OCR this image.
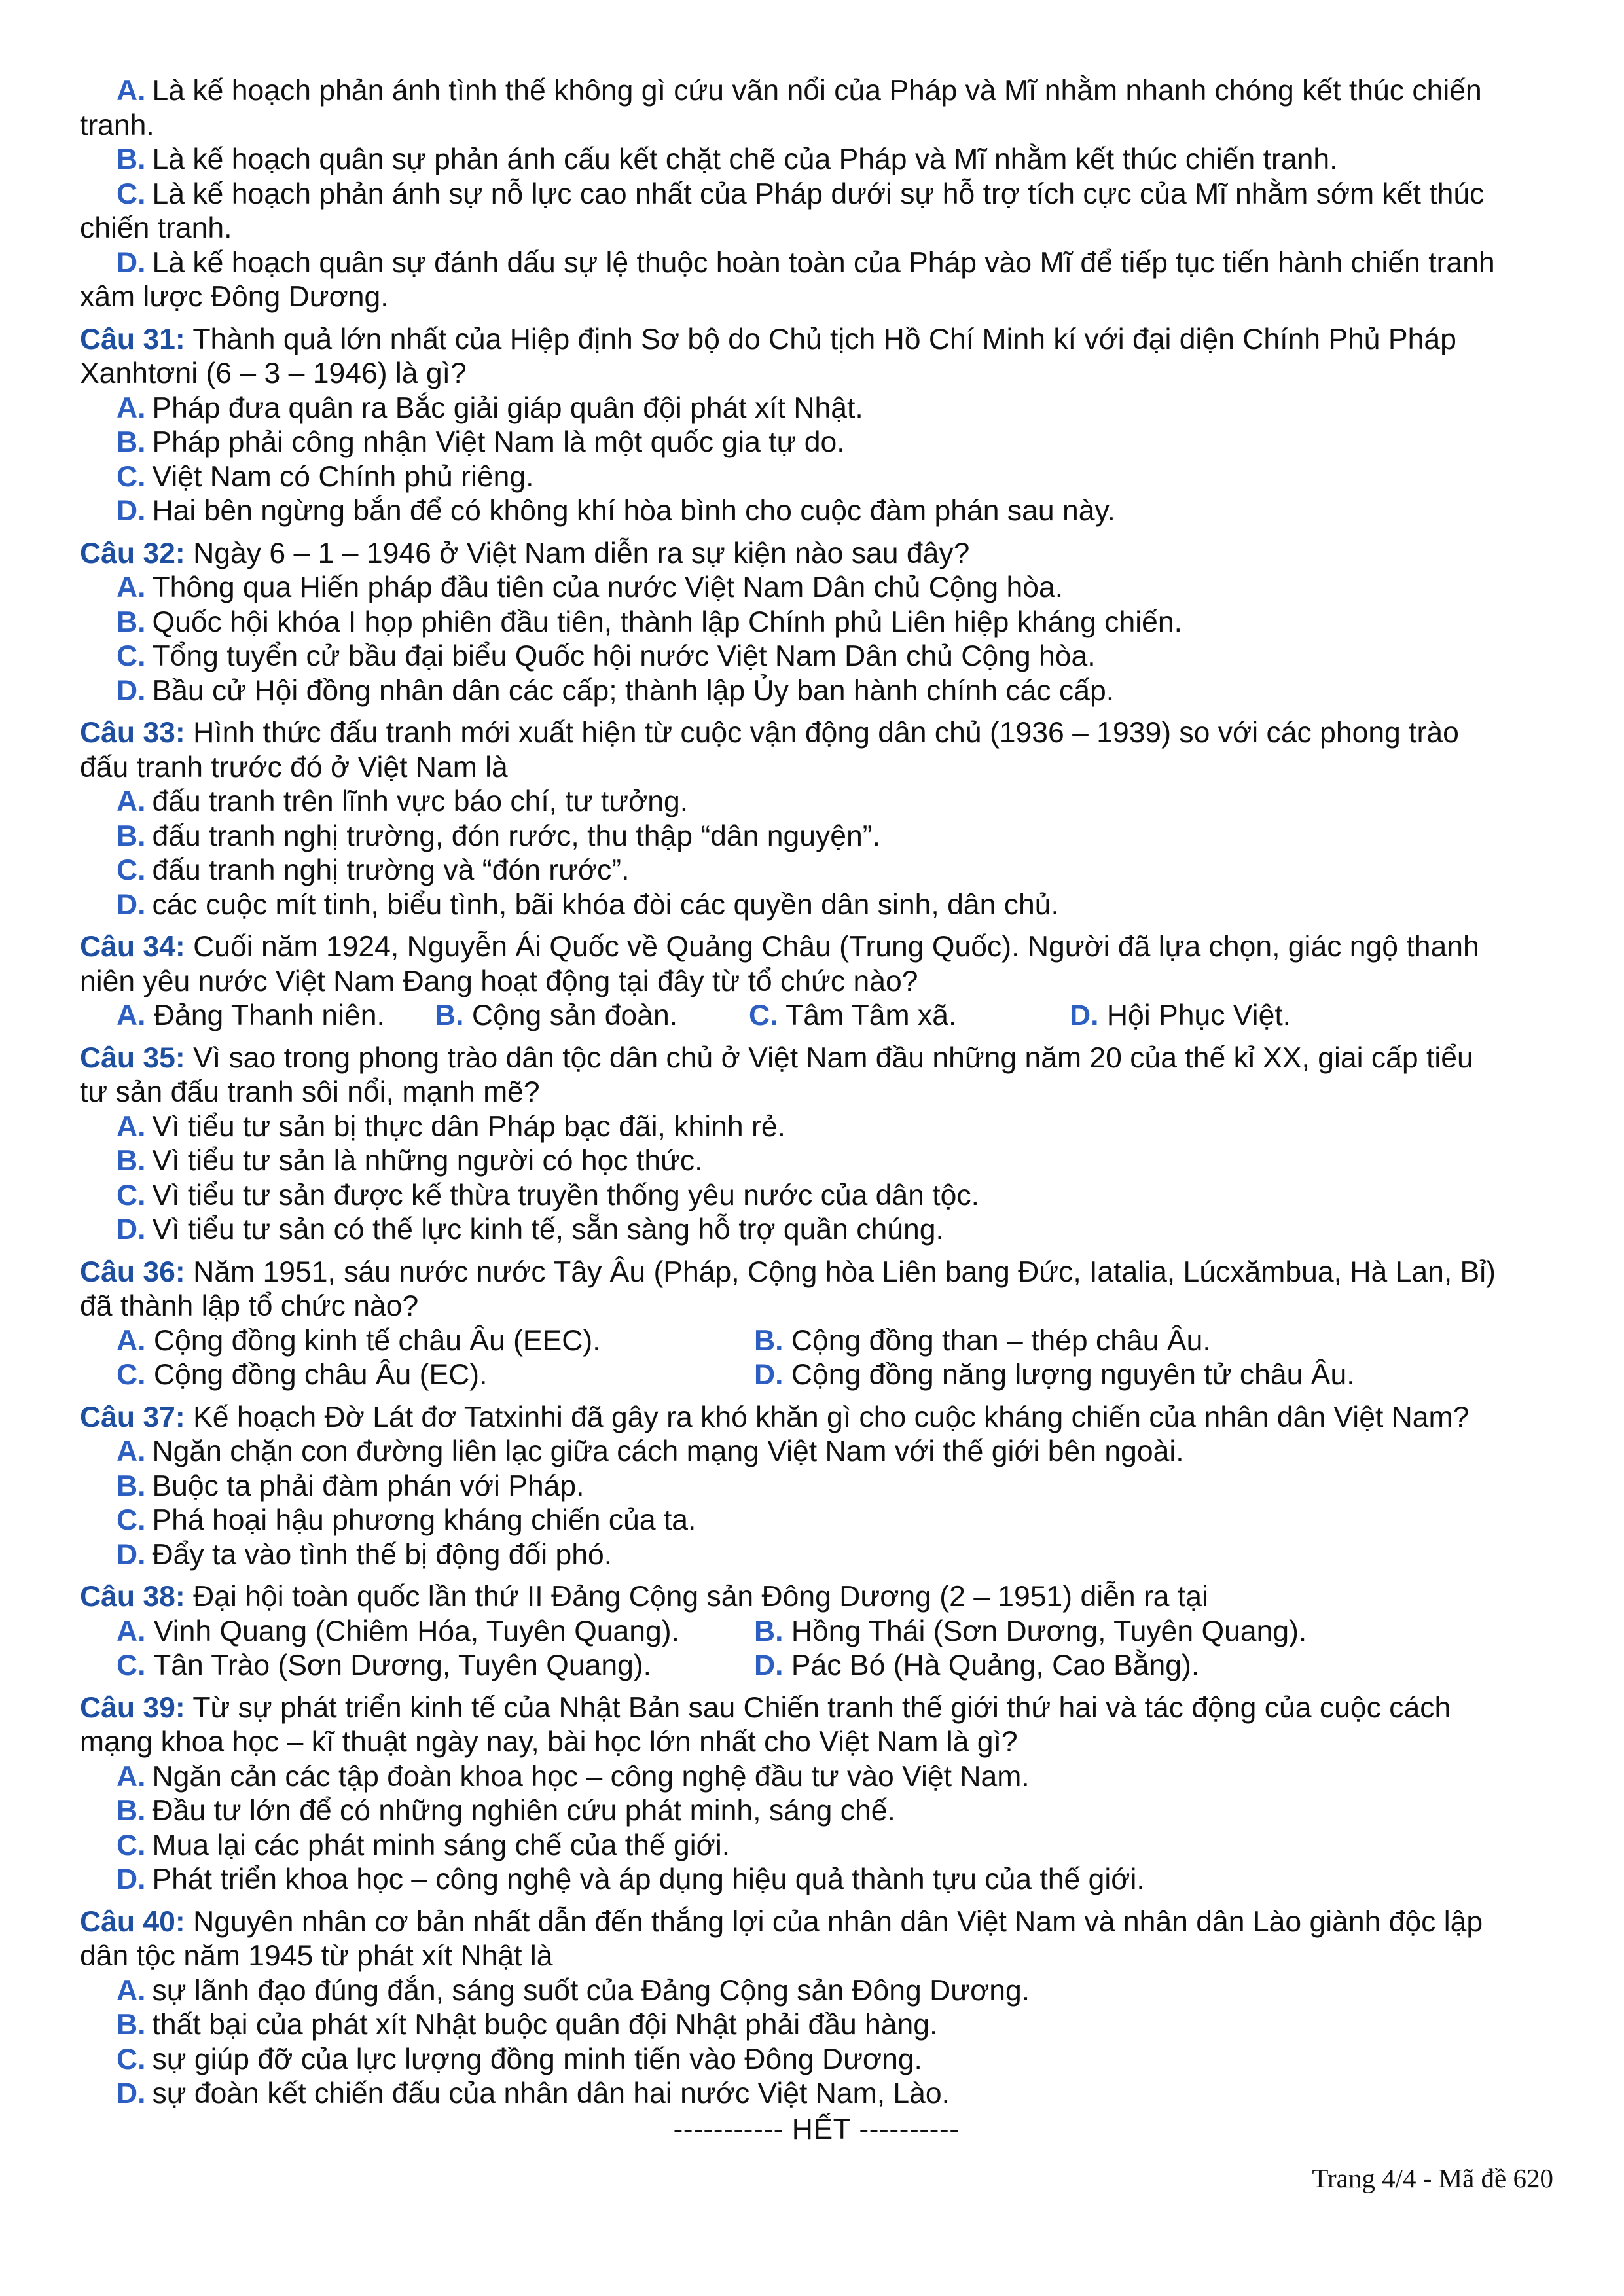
A. Là kế hoạch phản ánh tình thế không gì cứu vãn nổi của Pháp và Mĩ nhằm nhanh chóng kết thúc chiến
tranh.
B. Là kế hoạch quân sự phản ánh cấu kết chặt chẽ của Pháp và Mĩ nhằm kết thúc chiến tranh.
C. Là kế hoạch phản ánh sự nỗ lực cao nhất của Pháp dưới sự hỗ trợ tích cực của Mĩ nhằm sớm kết thúc
chiến tranh.
D. Là kế hoạch quân sự đánh dấu sự lệ thuộc hoàn toàn của Pháp vào Mĩ để tiếp tục tiến hành chiến tranh
xâm lược Đông Dương.
Câu 31: Thành quả lớn nhất của Hiệp định Sơ bộ do Chủ tịch Hồ Chí Minh kí với đại diện Chính Phủ Pháp
Xanhtơni (6 – 3 – 1946) là gì?
A. Pháp đưa quân ra Bắc giải giáp quân đội phát xít Nhật.
B. Pháp phải công nhận Việt Nam là một quốc gia tự do.
C. Việt Nam có Chính phủ riêng.
D. Hai bên ngừng bắn để có không khí hòa bình cho cuộc đàm phán sau này.
Câu 32: Ngày 6 – 1 – 1946 ở Việt Nam diễn ra sự kiện nào sau đây?
A. Thông qua Hiến pháp đầu tiên của nước Việt Nam Dân chủ Cộng hòa.
B. Quốc hội khóa I họp phiên đầu tiên, thành lập Chính phủ Liên hiệp kháng chiến.
C. Tổng tuyển cử bầu đại biểu Quốc hội nước Việt Nam Dân chủ Cộng hòa.
D. Bầu cử Hội đồng nhân dân các cấp; thành lập Ủy ban hành chính các cấp.
Câu 33: Hình thức đấu tranh mới xuất hiện từ cuộc vận động dân chủ (1936 – 1939) so với các phong trào
đấu tranh trước đó ở Việt Nam là
A. đấu tranh trên lĩnh vực báo chí, tư tưởng.
B. đấu tranh nghị trường, đón rước, thu thập “dân nguyện”.
C. đấu tranh nghị trường và “đón rước”.
D. các cuộc mít tinh, biểu tình, bãi khóa đòi các quyền dân sinh, dân chủ.
Câu 34: Cuối năm 1924, Nguyễn Ái Quốc về Quảng Châu (Trung Quốc). Người đã lựa chọn, giác ngộ thanh
niên yêu nước Việt Nam Đang hoạt động tại đây từ tổ chức nào?
A. Đảng Thanh niên.	B. Cộng sản đoàn.	C. Tâm Tâm xã.	D. Hội Phục Việt.
Câu 35: Vì sao trong phong trào dân tộc dân chủ ở Việt Nam đầu những năm 20 của thế kỉ XX, giai cấp tiểu
tư sản đấu tranh sôi nổi, mạnh mẽ?
A. Vì tiểu tư sản bị thực dân Pháp bạc đãi, khinh rẻ.
B. Vì tiểu tư sản là những người có học thức.
C. Vì tiểu tư sản được kế thừa truyền thống yêu nước của dân tộc.
D. Vì tiểu tư sản có thế lực kinh tế, sẵn sàng hỗ trợ quần chúng.
Câu 36: Năm 1951, sáu nước nước Tây Âu (Pháp, Cộng hòa Liên bang Đức, Iatalia, Lúcxămbua, Hà Lan, Bỉ)
đã thành lập tổ chức nào?
A. Cộng đồng kinh tế châu Âu (EEC).	B. Cộng đồng than – thép châu Âu.
C. Cộng đồng châu Âu (EC).	D. Cộng đồng năng lượng nguyên tử châu Âu.
Câu 37: Kế hoạch Đờ Lát đơ Tatxinhi đã gây ra khó khăn gì cho cuộc kháng chiến của nhân dân Việt Nam?
A. Ngăn chặn con đường liên lạc giữa cách mạng Việt Nam với thế giới bên ngoài.
B. Buộc ta phải đàm phán với Pháp.
C. Phá hoại hậu phương kháng chiến của ta.
D. Đẩy ta vào tình thế bị động đối phó.
Câu 38: Đại hội toàn quốc lần thứ II Đảng Cộng sản Đông Dương (2 – 1951) diễn ra tại
A. Vinh Quang (Chiêm Hóa, Tuyên Quang).	B. Hồng Thái (Sơn Dương, Tuyên Quang).
C. Tân Trào (Sơn Dương, Tuyên Quang).	D. Pác Bó (Hà Quảng, Cao Bằng).
Câu 39: Từ sự phát triển kinh tế của Nhật Bản sau Chiến tranh thế giới thứ hai và tác động của cuộc cách
mạng khoa học – kĩ thuật ngày nay, bài học lớn nhất cho Việt Nam là gì?
A. Ngăn cản các tập đoàn khoa học – công nghệ đầu tư vào Việt Nam.
B. Đầu tư lớn để có những nghiên cứu phát minh, sáng chế.
C. Mua lại các phát minh sáng chế của thế giới.
D. Phát triển khoa học – công nghệ và áp dụng hiệu quả thành tựu của thế giới.
Câu 40: Nguyên nhân cơ bản nhất dẫn đến thắng lợi của nhân dân Việt Nam và nhân dân Lào giành độc lập
dân tộc năm 1945 từ phát xít Nhật là
A. sự lãnh đạo đúng đắn, sáng suốt của Đảng Cộng sản Đông Dương.
B. thất bại của phát xít Nhật buộc quân đội Nhật phải đầu hàng.
C. sự giúp đỡ của lực lượng đồng minh tiến vào Đông Dương.
D. sự đoàn kết chiến đấu của nhân dân hai nước Việt Nam, Lào.
----------- HẾT ----------
Trang 4/4 - Mã đề 620
